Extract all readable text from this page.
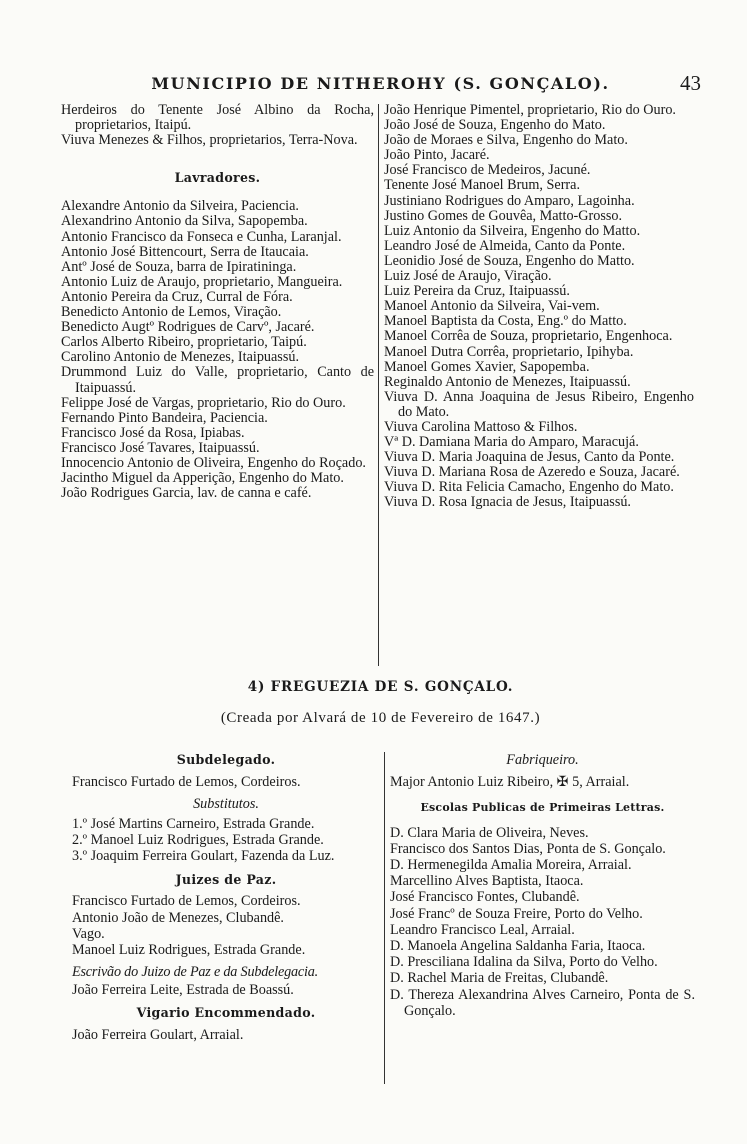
MUNICIPIO DE NITHEROHY (S. GONÇALO).	43
Herdeiros do Tenente José Albino da Rocha, proprietarios, Itaipú.
Viuva Menezes & Filhos, proprietarios, Terra-Nova.
Lavradores.
Alexandre Antonio da Silveira, Paciencia.
Alexandrino Antonio da Silva, Sapopemba.
Antonio Francisco da Fonseca e Cunha, Laranjal.
Antonio José Bittencourt, Serra de Itaucaia.
Antº José de Souza, barra de Ipiratininga.
Antonio Luiz de Araujo, proprietario, Mangueira.
Antonio Pereira da Cruz, Curral de Fóra.
Benedicto Antonio de Lemos, Viração.
Benedicto Augtº Rodrigues de Carvº, Jacaré.
Carlos Alberto Ribeiro, proprietario, Taipú.
Carolino Antonio de Menezes, Itaipuassú.
Drummond Luiz do Valle, proprietario, Canto de Itaipuassú.
Felippe José de Vargas, proprietario, Rio do Ouro.
Fernando Pinto Bandeira, Paciencia.
Francisco José da Rosa, Ipiabas.
Francisco José Tavares, Itaipuassú.
Innocencio Antonio de Oliveira, Engenho do Roçado.
Jacintho Miguel da Apperição, Engenho do Mato.
João Rodrigues Garcia, lav. de canna e café.
João Henrique Pimentel, proprietario, Rio do Ouro.
João José de Souza, Engenho do Mato.
João de Moraes e Silva, Engenho do Mato.
João Pinto, Jacaré.
José Francisco de Medeiros, Jacuné.
Tenente José Manoel Brum, Serra.
Justiniano Rodrigues do Amparo, Lagoinha.
Justino Gomes de Gouvêa, Matto-Grosso.
Luiz Antonio da Silveira, Engenho do Matto.
Leandro José de Almeida, Canto da Ponte.
Leonidio José de Souza, Engenho do Matto.
Luiz José de Araujo, Viração.
Luiz Pereira da Cruz, Itaipuassú.
Manoel Antonio da Silveira, Vai-vem.
Manoel Baptista da Costa, Eng.º do Matto.
Manoel Corrêa de Souza, proprietario, Engenhoca.
Manoel Dutra Corrêa, proprietario, Ipihyba.
Manoel Gomes Xavier, Sapopemba.
Reginaldo Antonio de Menezes, Itaipuassú.
Viuva D. Anna Joaquina de Jesus Ribeiro, Engenho do Mato.
Viuva Carolina Mattoso & Filhos.
Vª D. Damiana Maria do Amparo, Maracujá.
Viuva D. Maria Joaquina de Jesus, Canto da Ponte.
Viuva D. Mariana Rosa de Azeredo e Souza, Jacaré.
Viuva D. Rita Felicia Camacho, Engenho do Mato.
Viuva D. Rosa Ignacia de Jesus, Itaipuassú.
4) FREGUEZIA DE S. GONÇALO.
(Creada por Alvará de 10 de Fevereiro de 1647.)
Subdelegado.
Francisco Furtado de Lemos, Cordeiros.
Substitutos.
1.º José Martins Carneiro, Estrada Grande.
2.º Manoel Luiz Rodrigues, Estrada Grande.
3.º Joaquim Ferreira Goulart, Fazenda da Luz.
Juizes de Paz.
Francisco Furtado de Lemos, Cordeiros.
Antonio João de Menezes, Clubandê.
Vago.
Manoel Luiz Rodrigues, Estrada Grande.
Escrivão do Juizo de Paz e da Subdelegacia.
João Ferreira Leite, Estrada de Boassú.
Vigario Encommendado.
João Ferreira Goulart, Arraial.
Fabriqueiro.
Major Antonio Luiz Ribeiro, ✠ 5, Arraial.
Escolas Publicas de Primeiras Lettras.
D. Clara Maria de Oliveira, Neves.
Francisco dos Santos Dias, Ponta de S. Gonçalo.
D. Hermenegilda Amalia Moreira, Arraial.
Marcellino Alves Baptista, Itaoca.
José Francisco Fontes, Clubandê.
José Francº de Souza Freire, Porto do Velho.
Leandro Francisco Leal, Arraial.
D. Manoela Angelina Saldanha Faria, Itaoca.
D. Presciliana Idalina da Silva, Porto do Velho.
D. Rachel Maria de Freitas, Clubandê.
D. Thereza Alexandrina Alves Carneiro, Ponta de S. Gonçalo.
